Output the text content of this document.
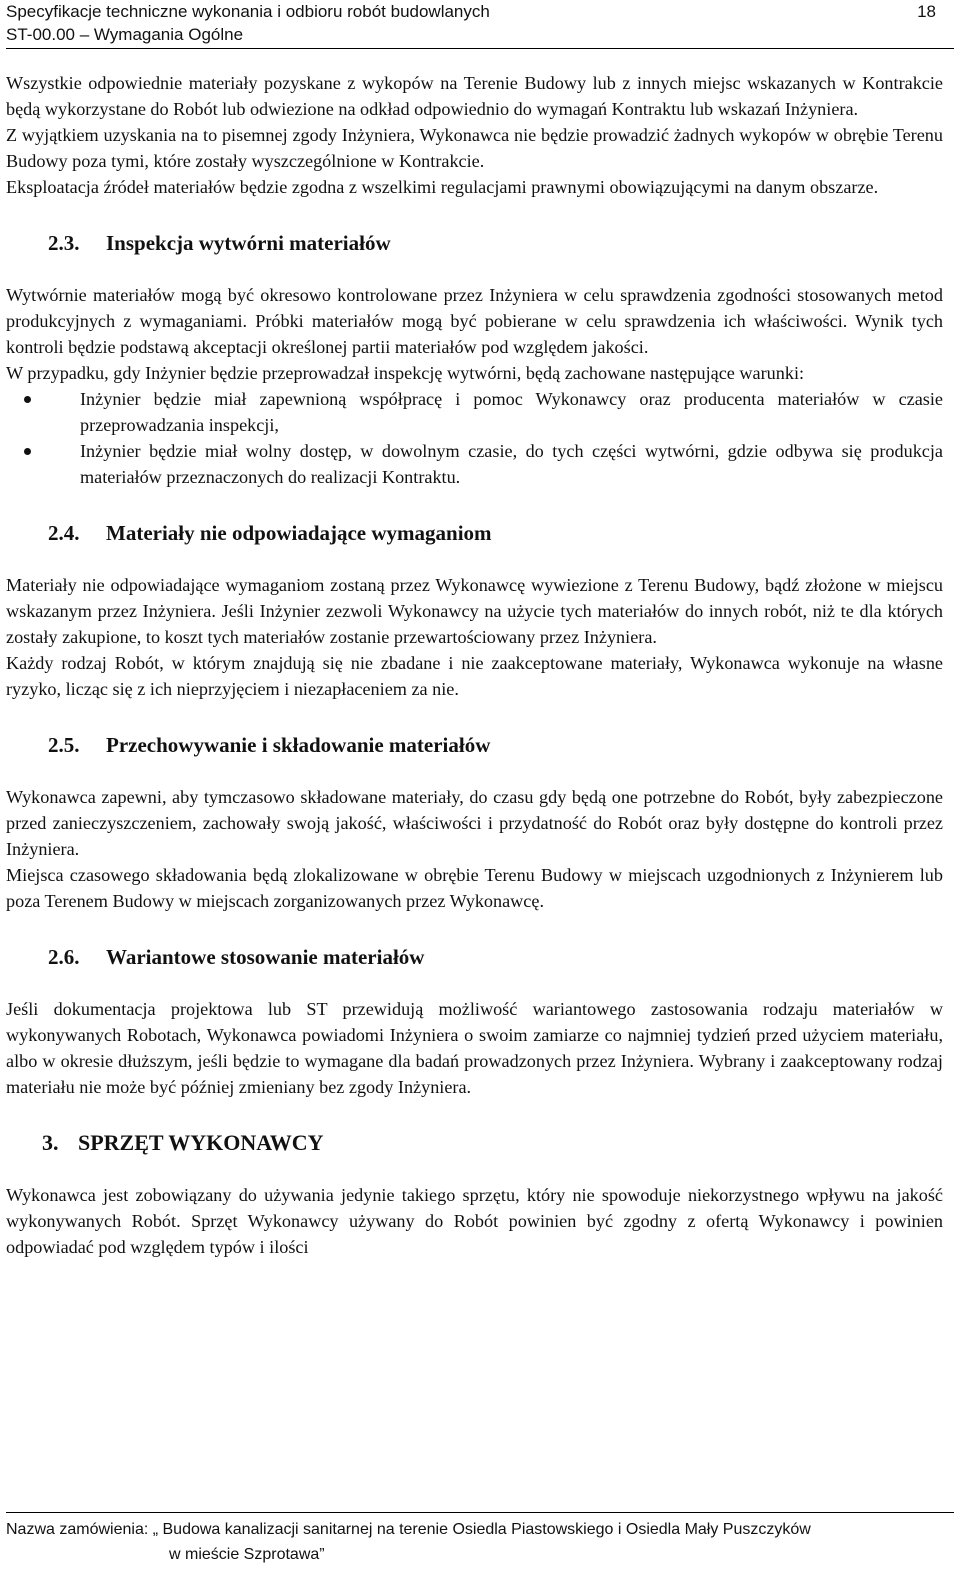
Specyfikacje techniczne wykonania i odbioru robót budowlanych	18
ST-00.00 – Wymagania Ogólne

Wszystkie odpowiednie materiały pozyskane z wykopów na Terenie Budowy lub z innych miejsc wskazanych w Kontrakcie będą wykorzystane do Robót lub odwiezione na odkład odpowiednio do wymagań Kontraktu lub wskazań Inżyniera.

Z wyjątkiem uzyskania na to pisemnej zgody Inżyniera, Wykonawca nie będzie prowadzić żadnych wykopów w obrębie Terenu Budowy poza tymi, które zostały wyszczególnione w Kontrakcie.

Eksploatacja źródeł materiałów będzie zgodna z wszelkimi regulacjami prawnymi obowiązującymi na danym obszarze.

2.3.	Inspekcja wytwórni materiałów

Wytwórnie materiałów mogą być okresowo kontrolowane przez Inżyniera w celu sprawdzenia zgodności stosowanych metod produkcyjnych z wymaganiami. Próbki materiałów mogą być pobierane w celu sprawdzenia ich właściwości. Wynik tych kontroli będzie podstawą akceptacji określonej partii materiałów pod względem jakości.

W przypadku, gdy Inżynier będzie przeprowadzał inspekcję wytwórni, będą zachowane następujące warunki:

Inżynier będzie miał zapewnioną współpracę i pomoc Wykonawcy oraz producenta materiałów w czasie przeprowadzania inspekcji,
Inżynier będzie miał wolny dostęp, w dowolnym czasie, do tych części wytwórni, gdzie odbywa się produkcja materiałów przeznaczonych do realizacji Kontraktu.
2.4.	Materiały nie odpowiadające wymaganiom

Materiały nie odpowiadające wymaganiom zostaną przez Wykonawcę wywiezione z Terenu Budowy, bądź złożone w miejscu wskazanym przez Inżyniera. Jeśli Inżynier zezwoli Wykonawcy na użycie tych materiałów do innych robót, niż te dla których zostały zakupione, to koszt tych materiałów zostanie przewartościowany przez Inżyniera.

Każdy rodzaj Robót, w którym znajdują się nie zbadane i nie zaakceptowane materiały, Wykonawca wykonuje na własne ryzyko, licząc się z ich nieprzyjęciem i niezapłaceniem za nie.

2.5.	Przechowywanie i składowanie materiałów

Wykonawca zapewni, aby tymczasowo składowane materiały, do czasu gdy będą one potrzebne do Robót, były zabezpieczone przed zanieczyszczeniem, zachowały swoją jakość, właściwości i przydatność do Robót oraz były dostępne do kontroli przez Inżyniera.

Miejsca czasowego składowania będą zlokalizowane w obrębie Terenu Budowy w miejscach uzgodnionych z Inżynierem lub poza Terenem Budowy w miejscach zorganizowanych przez Wykonawcę.

2.6.	Wariantowe stosowanie materiałów

Jeśli dokumentacja projektowa lub ST przewidują możliwość wariantowego zastosowania rodzaju materiałów w wykonywanych Robotach, Wykonawca powiadomi Inżyniera o swoim zamiarze co najmniej tydzień przed użyciem materiału, albo w okresie dłuższym, jeśli będzie to wymagane dla badań prowadzonych przez Inżyniera. Wybrany i zaakceptowany rodzaj materiału nie może być później zmieniany bez zgody Inżyniera.

3. SPRZĘT WYKONAWCY

Wykonawca jest zobowiązany do używania jedynie takiego sprzętu, który nie spowoduje niekorzystnego wpływu na jakość wykonywanych Robót. Sprzęt Wykonawcy używany do Robót powinien być zgodny z ofertą Wykonawcy i powinien odpowiadać pod względem typów i ilości

Nazwa zamówienia: „ Budowa kanalizacji sanitarnej na terenie Osiedla Piastowskiego i Osiedla Mały Puszczyków
w mieście Szprotawa”
